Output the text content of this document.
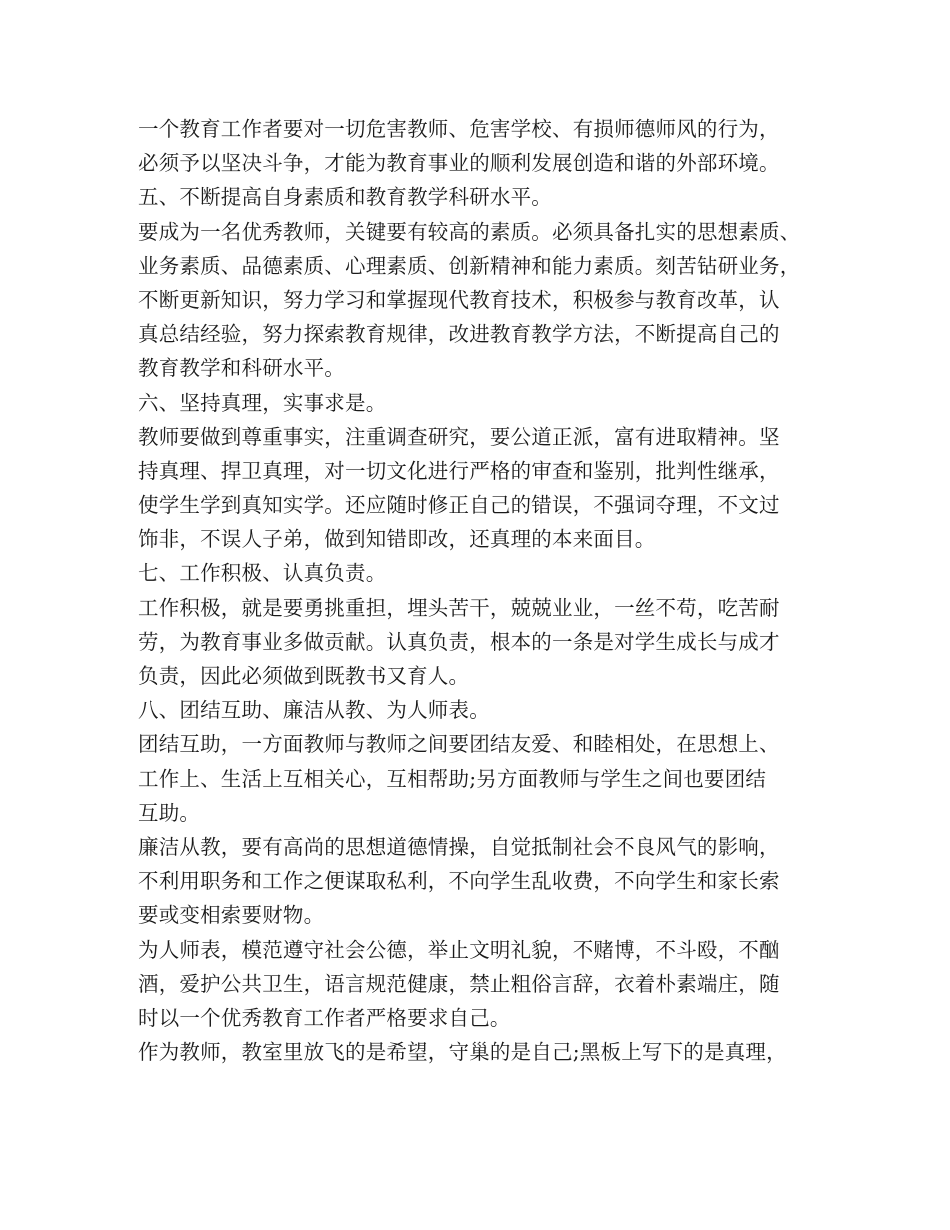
一个教育工作者要对一切危害教师、危害学校、有损师德师风的行为，
必须予以坚决斗争，才能为教育事业的顺利发展创造和谐的外部环境。
五、不断提高自身素质和教育教学科研水平。
要成为一名优秀教师，关键要有较高的素质。必须具备扎实的思想素质、
业务素质、品德素质、心理素质、创新精神和能力素质。刻苦钻研业务，
不断更新知识，努力学习和掌握现代教育技术，积极参与教育改革，认
真总结经验，努力探索教育规律，改进教育教学方法，不断提高自己的
教育教学和科研水平。
六、坚持真理，实事求是。
教师要做到尊重事实，注重调查研究，要公道正派，富有进取精神。坚
持真理、捍卫真理，对一切文化进行严格的审查和鉴别，批判性继承，
使学生学到真知实学。还应随时修正自己的错误，不强词夺理，不文过
饰非，不误人子弟，做到知错即改，还真理的本来面目。
七、工作积极、认真负责。
工作积极，就是要勇挑重担，埋头苦干，兢兢业业，一丝不苟，吃苦耐
劳，为教育事业多做贡献。认真负责，根本的一条是对学生成长与成才
负责，因此必须做到既教书又育人。
八、团结互助、廉洁从教、为人师表。
团结互助，一方面教师与教师之间要团结友爱、和睦相处，在思想上、
工作上、生活上互相关心，互相帮助;另方面教师与学生之间也要团结
互助。
廉洁从教，要有高尚的思想道德情操，自觉抵制社会不良风气的影响，
不利用职务和工作之便谋取私利，不向学生乱收费，不向学生和家长索
要或变相索要财物。
为人师表，模范遵守社会公德，举止文明礼貌，不赌博，不斗殴，不酗
酒，爱护公共卫生，语言规范健康，禁止粗俗言辞，衣着朴素端庄，随
时以一个优秀教育工作者严格要求自己。
作为教师，教室里放飞的是希望，守巢的是自己;黑板上写下的是真理，
